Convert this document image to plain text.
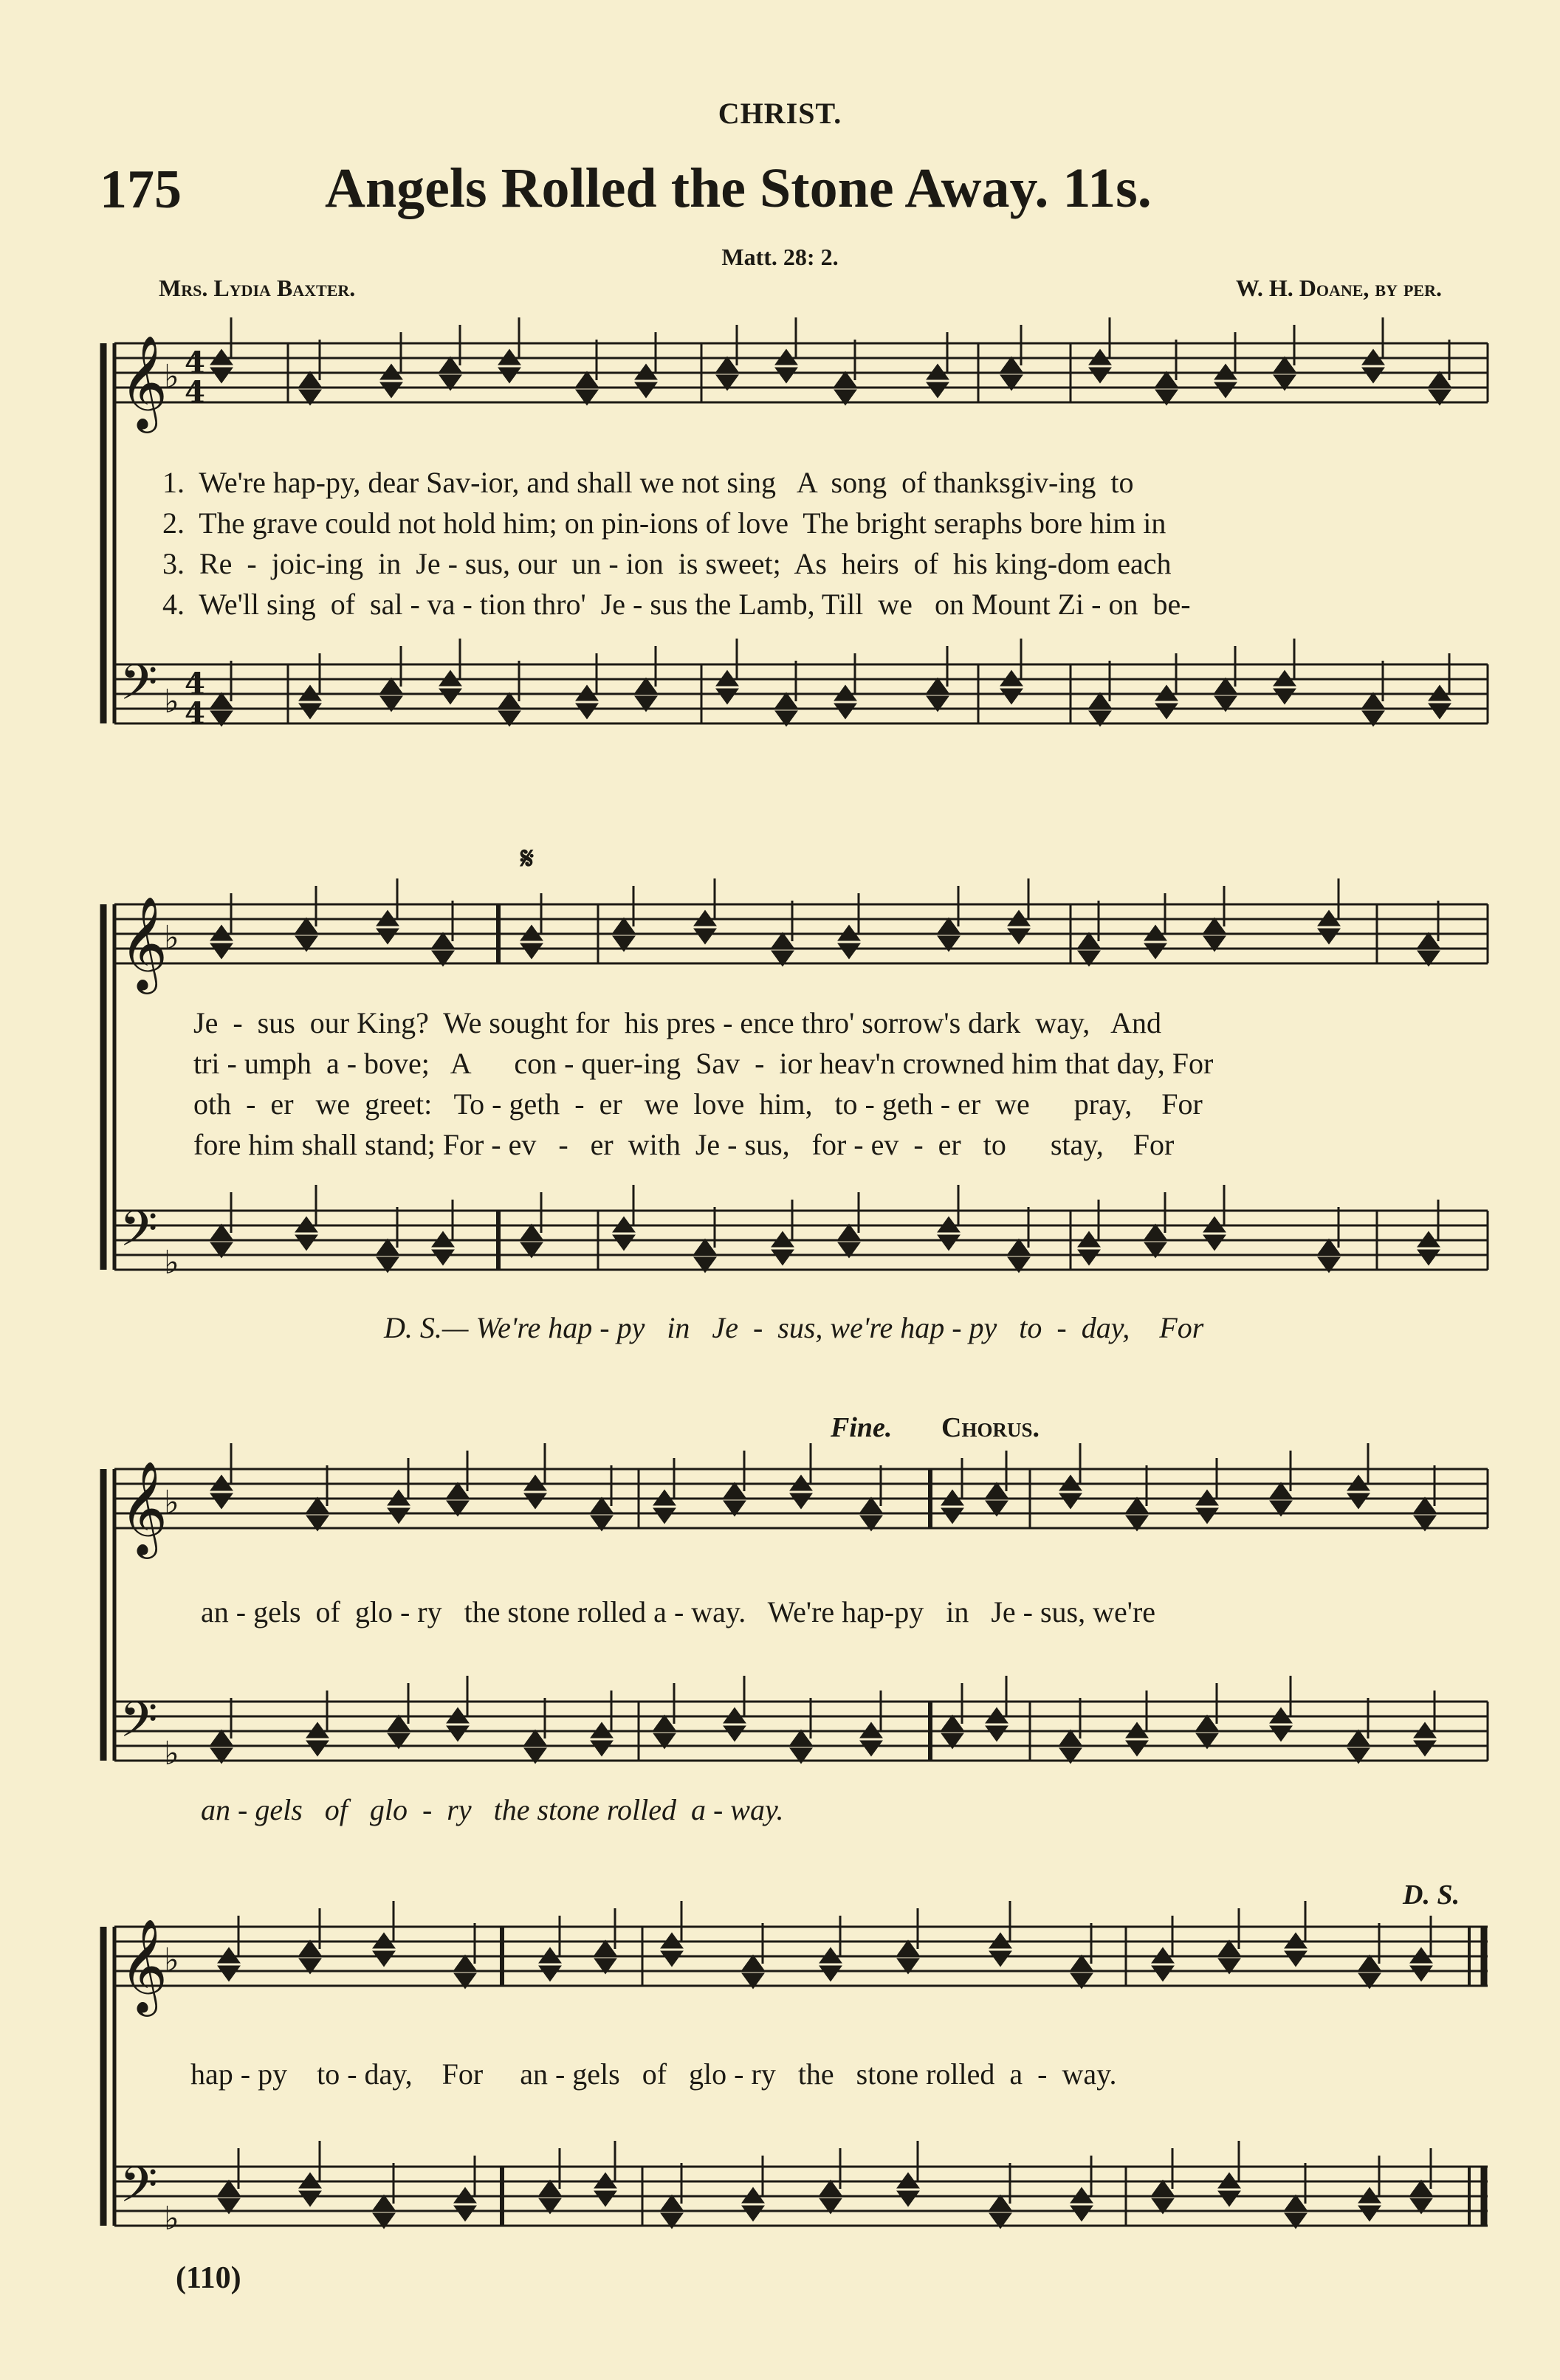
CHRIST.
175	Angels Rolled the Stone Away. 11s.
Matt. 28: 2.
Mrs. Lydia Baxter.	W. H. Doane, by per.
𝄞
𝄢
𝄞
𝄢
𝄞
𝄢
𝄞
𝄢
♭
♭
♭
♭
♭
♭
♭
♭
4
4
4
4
1.  We're hap-py, dear Sav-ior, and shall we not sing   A  song  of thanksgiv-ing  to
2.  The grave could not hold him; on pin-ions of love  The bright seraphs bore him in
3.  Re  -  joic-ing  in  Je - sus, our  un - ion  is sweet;  As  heirs  of  his king-dom each
4.  We'll sing  of  sal - va - tion thro'  Je - sus the Lamb, Till  we   on Mount Zi - on  be-
𝄋
Je  -  sus  our King?  We sought for  his pres - ence thro' sorrow's dark  way,   And
tri - umph  a - bove;   A      con - quer-ing  Sav  -  ior heav'n crowned him that day, For
oth  -  er   we  greet:   To - geth  -  er   we  love  him,   to - geth - er  we      pray,    For
fore him shall stand; For - ev   -   er  with  Je - sus,   for - ev  -  er   to      stay,    For
D. S.— We're hap - py   in   Je  -  sus, we're hap - py   to  -  day,    For
Fine. Chorus.
an - gels  of  glo - ry   the stone rolled a - way.   We're hap-py   in   Je - sus, we're
an - gels   of   glo  -  ry   the stone rolled  a - way.
D. S.
hap - py    to - day,    For     an - gels   of   glo - ry   the   stone rolled  a  -  way.
(110)
